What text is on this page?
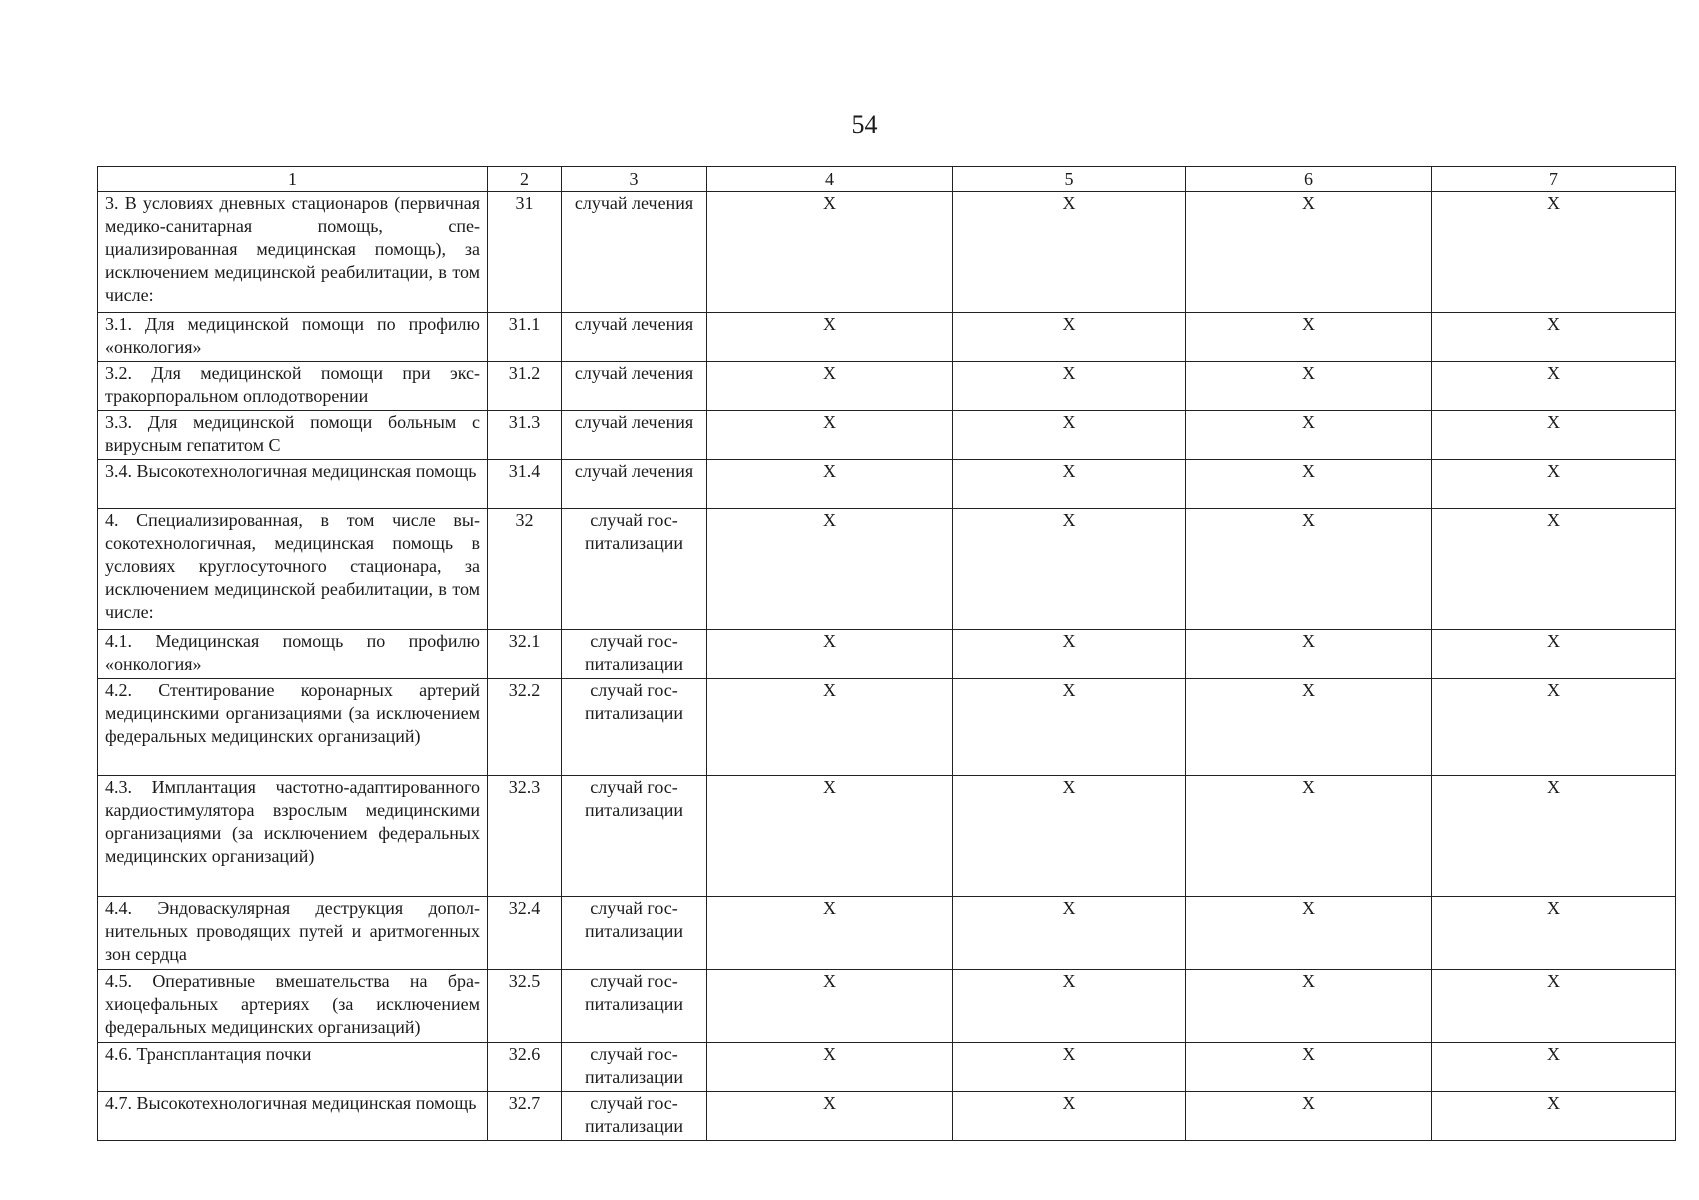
54
1	2	3	4	5	6	7
3. В условиях дневных стационаров (первичная медико-санитарная помощь, специализированная медицинская помощь), за исключением медицинской реабилитации, в том числе:	31	случай лечения	X	X	X	X
3.1. Для медицинской помощи по профилю «онкология»	31.1	случай лечения	X	X	X	X
3.2. Для медицинской помощи при экстракорпоральном оплодотворении	31.2	случай лечения	X	X	X	X
3.3. Для медицинской помощи больным с вирусным гепатитом С	31.3	случай лечения	X	X	X	X
3.4. Высокотехнологичная медицинская помощь	31.4	случай лечения	X	X	X	X
4. Специализированная, в том числе высокотехнологичная, медицинская помощь в условиях круглосуточного стационара, за исключением медицинской реабилитации, в том числе:	32	случай госпитализации	X	X	X	X
4.1. Медицинская помощь по профилю «онкология»	32.1	случай госпитализации	X	X	X	X
4.2. Стентирование коронарных артерий медицинскими организациями (за исключением федеральных медицинских организаций)	32.2	случай госпитализации	X	X	X	X
4.3. Имплантация частотно-адаптированного кардиостимулятора взрослым медицинскими организациями (за исключением федеральных медицинских организаций)	32.3	случай госпитализации	X	X	X	X
4.4. Эндоваскулярная деструкция дополнительных проводящих путей и аритмогенных зон сердца	32.4	случай госпитализации	X	X	X	X
4.5. Оперативные вмешательства на брахиоцефальных артериях (за исключением федеральных медицинских организаций)	32.5	случай госпитализации	X	X	X	X
4.6. Трансплантация почки	32.6	случай госпитализации	X	X	X	X
4.7. Высокотехнологичная медицинская помощь	32.7	случай госпитализации	X	X	X	X
